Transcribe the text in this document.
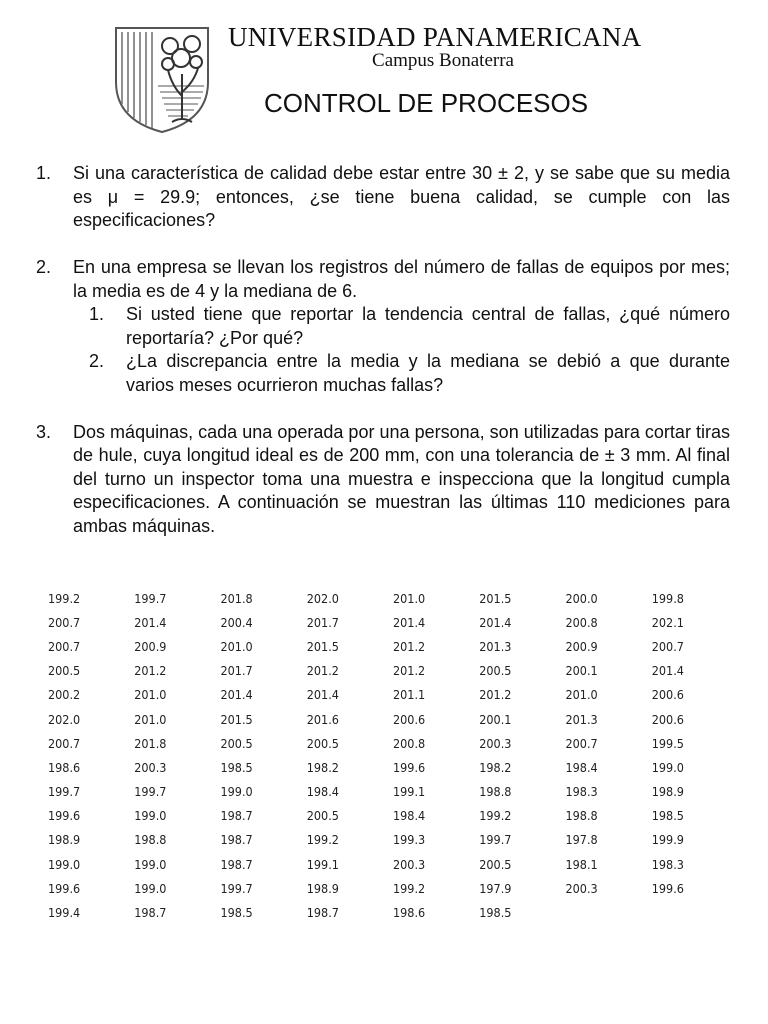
UNIVERSIDAD PANAMERICANA
Campus Bonaterra
CONTROL DE PROCESOS
1.	Si una característica de calidad debe estar entre 30 ± 2, y se sabe que su media es μ = 29.9; entonces, ¿se tiene buena calidad, se cumple con las especificaciones?

2.	En una empresa se llevan los registros del número de fallas de equipos por mes; la media es de 4 y la mediana de 6.

1.	Si usted tiene que reportar la tendencia central de fallas, ¿qué número reportaría? ¿Por qué?
2.	¿La discrepancia entre la media y la mediana se debió a que durante varios meses ocurrieron muchas fallas?
3.	Dos máquinas, cada una operada por una persona, son utilizadas para cortar tiras de hule, cuya longitud ideal es de 200 mm, con una tolerancia de ± 3 mm. Al final del turno un inspector toma una muestra e inspecciona que la longitud cumpla especificaciones. A continuación se muestran las últimas 110 mediciones para ambas máquinas.

199.2	199.7	201.8	202.0	201.0	201.5	200.0	199.8
200.7	201.4	200.4	201.7	201.4	201.4	200.8	202.1
200.7	200.9	201.0	201.5	201.2	201.3	200.9	200.7
200.5	201.2	201.7	201.2	201.2	200.5	200.1	201.4
200.2	201.0	201.4	201.4	201.1	201.2	201.0	200.6
202.0	201.0	201.5	201.6	200.6	200.1	201.3	200.6
200.7	201.8	200.5	200.5	200.8	200.3	200.7	199.5
198.6	200.3	198.5	198.2	199.6	198.2	198.4	199.0
199.7	199.7	199.0	198.4	199.1	198.8	198.3	198.9
199.6	199.0	198.7	200.5	198.4	199.2	198.8	198.5
198.9	198.8	198.7	199.2	199.3	199.7	197.8	199.9
199.0	199.0	198.7	199.1	200.3	200.5	198.1	198.3
199.6	199.0	199.7	198.9	199.2	197.9	200.3	199.6
199.4	198.7	198.5	198.7	198.6	198.5		
